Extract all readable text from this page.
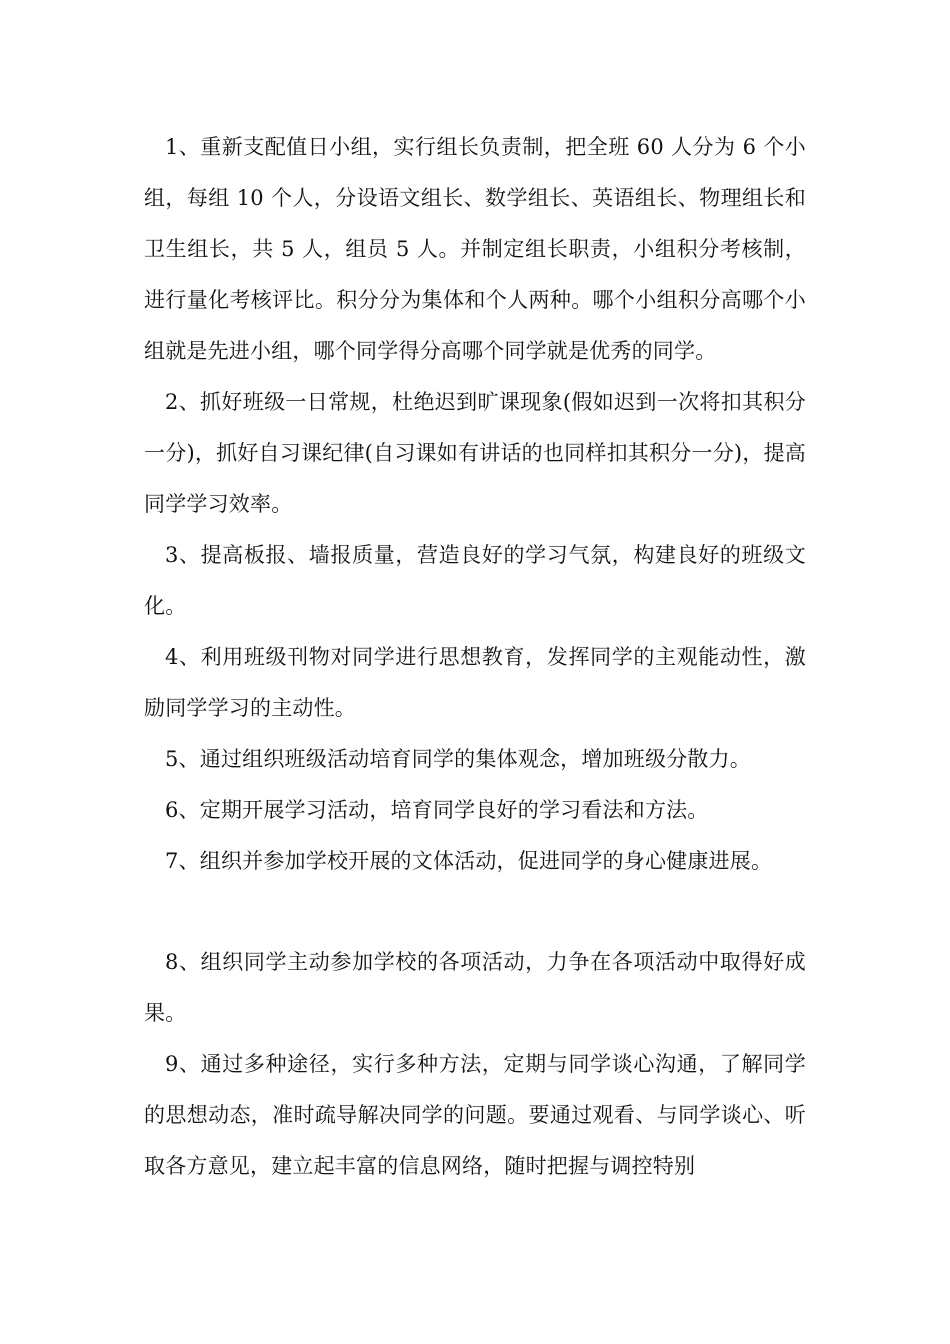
1、重新支配值日小组，实行组长负责制，把全班 60 人分为 6 个小组，每组 10 个人，分设语文组长、数学组长、英语组长、物理组长和卫生组长，共 5 人，组员 5 人。并制定组长职责，小组积分考核制，进行量化考核评比。积分分为集体和个人两种。哪个小组积分高哪个小组就是先进小组，哪个同学得分高哪个同学就是优秀的同学。

2、抓好班级一日常规，杜绝迟到旷课现象(假如迟到一次将扣其积分一分)，抓好自习课纪律(自习课如有讲话的也同样扣其积分一分)，提高同学学习效率。

3、提高板报、墙报质量，营造良好的学习气氛，构建良好的班级文化。

4、利用班级刊物对同学进行思想教育，发挥同学的主观能动性，激励同学学习的主动性。

5、通过组织班级活动培育同学的集体观念，增加班级分散力。

6、定期开展学习活动，培育同学良好的学习看法和方法。

7、组织并参加学校开展的文体活动，促进同学的身心健康进展。

8、组织同学主动参加学校的各项活动，力争在各项活动中取得好成果。

9、通过多种途径，实行多种方法，定期与同学谈心沟通，了解同学的思想动态，准时疏导解决同学的问题。要通过观看、与同学谈心、听取各方意见，建立起丰富的信息网络，随时把握与调控特别
